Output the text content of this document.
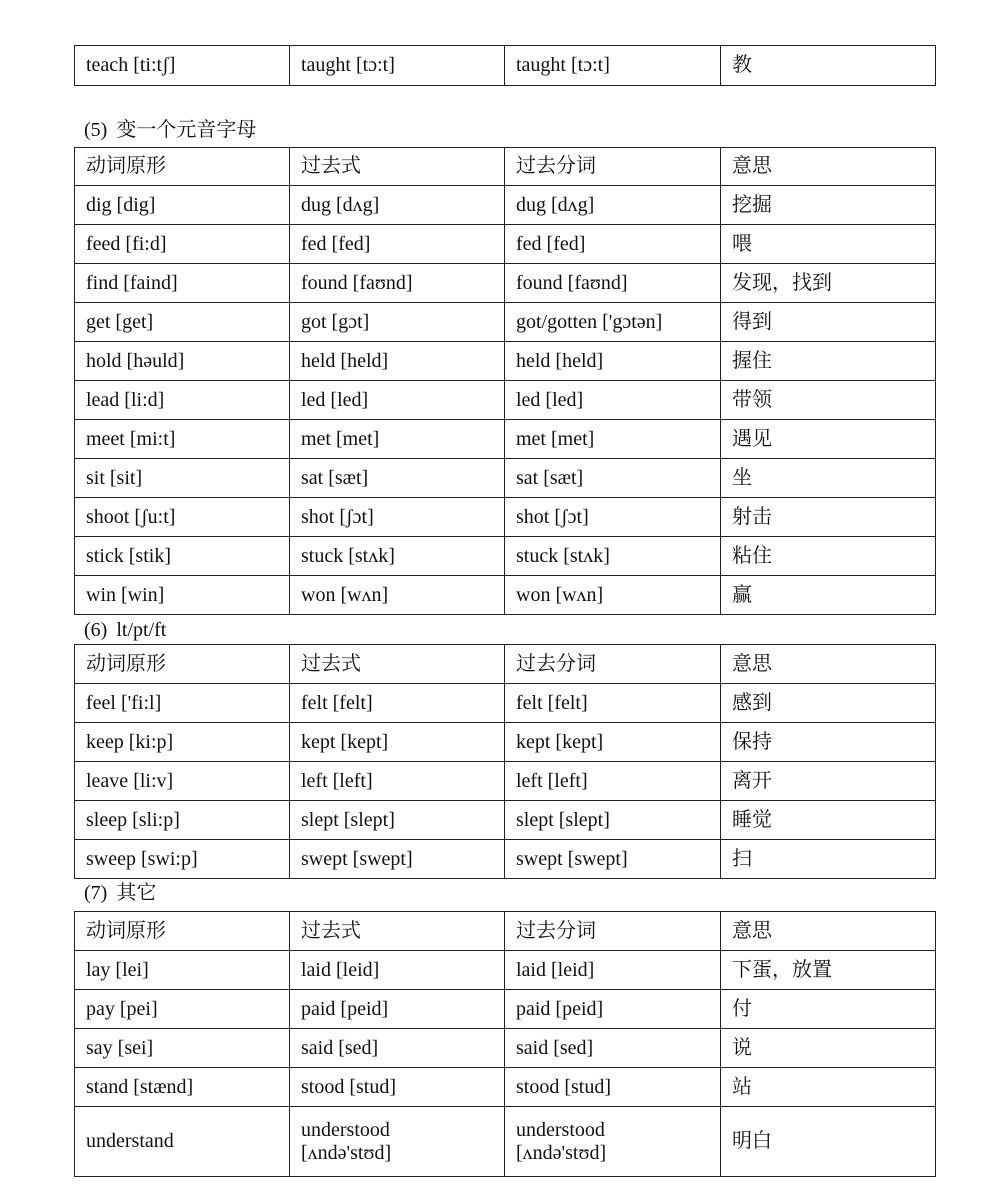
teach [ti:tʃ]	taught [tɔ:t]	taught [tɔ:t]	教
(5) 变一个元音字母
动词原形	过去式	过去分词	意思
dig [dig]	dug [dʌg]	dug [dʌg]	挖掘
feed [fi:d]	fed [fed]	fed [fed]	喂
find [faind]	found [faʊnd]	found [faʊnd]	发现，找到
get [get]	got [gɔt]	got/gotten ['gɔtən]	得到
hold [həuld]	held [held]	held [held]	握住
lead [li:d]	led [led]	led [led]	带领
meet [mi:t]	met [met]	met [met]	遇见
sit [sit]	sat [sæt]	sat [sæt]	坐
shoot [ʃu:t]	shot [ʃɔt]	shot [ʃɔt]	射击
stick [stik]	stuck [stʌk]	stuck [stʌk]	粘住
win [win]	won [wʌn]	won [wʌn]	赢
(6) lt/pt/ft
动词原形	过去式	过去分词	意思
feel ['fi:l]	felt [felt]	felt [felt]	感到
keep [ki:p]	kept [kept]	kept [kept]	保持
leave [li:v]	left [left]	left [left]	离开
sleep [sli:p]	slept [slept]	slept [slept]	睡觉
sweep [swi:p]	swept [swept]	swept [swept]	扫
(7) 其它
动词原形	过去式	过去分词	意思
lay [lei]	laid [leid]	laid [leid]	下蛋，放置
pay [pei]	paid [peid]	paid [peid]	付
say [sei]	said [sed]	said [sed]	说
stand [stænd]	stood [stud]	stood [stud]	站
understand	understood [ʌndə'stʊd]	understood [ʌndə'stʊd]	明白
